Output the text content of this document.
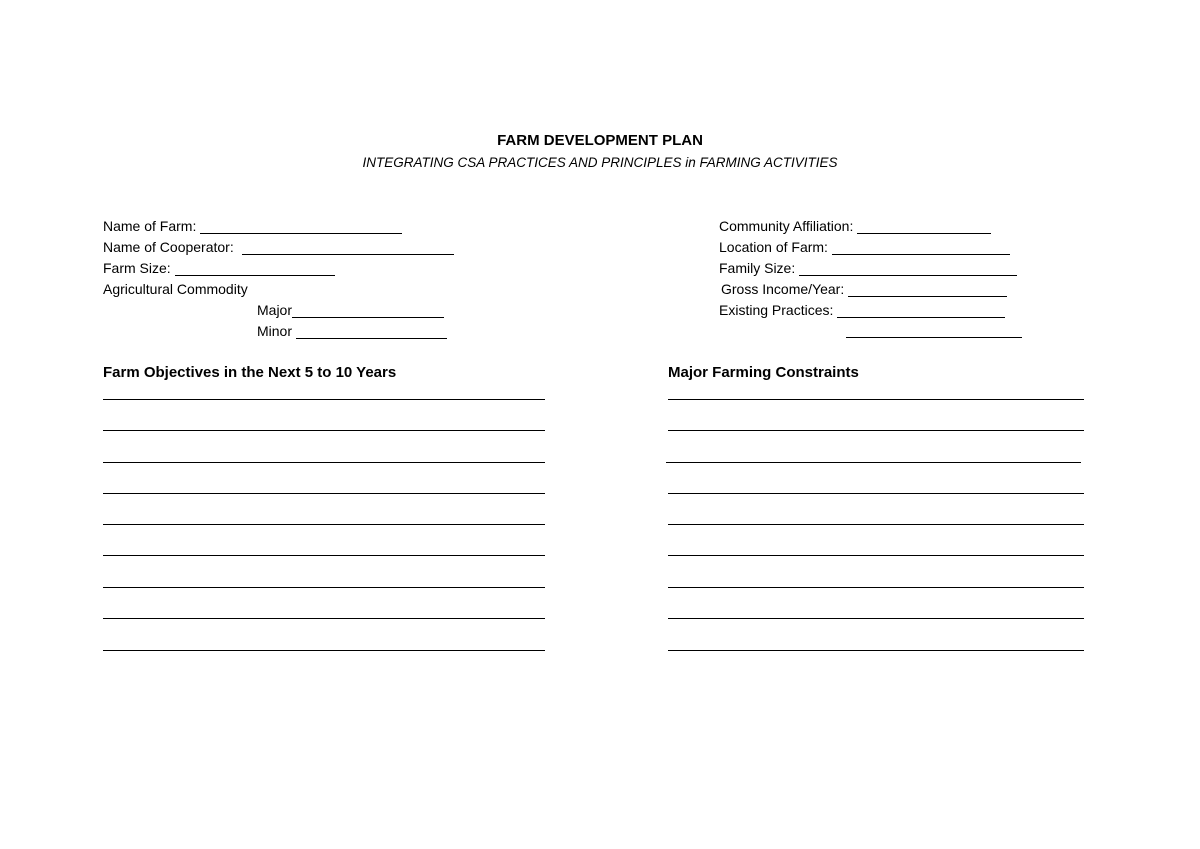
FARM DEVELOPMENT PLAN
INTEGRATING CSA PRACTICES AND PRINCIPLES in FARMING ACTIVITIES
Name of Farm:
Name of Cooperator:
Farm Size:
Agricultural Commodity
Major
Minor
Community Affiliation:
Location of Farm:
Family Size:
Gross Income/Year:
Existing Practices:
Farm Objectives in the Next 5 to 10 Years	Major Farming Constraints
